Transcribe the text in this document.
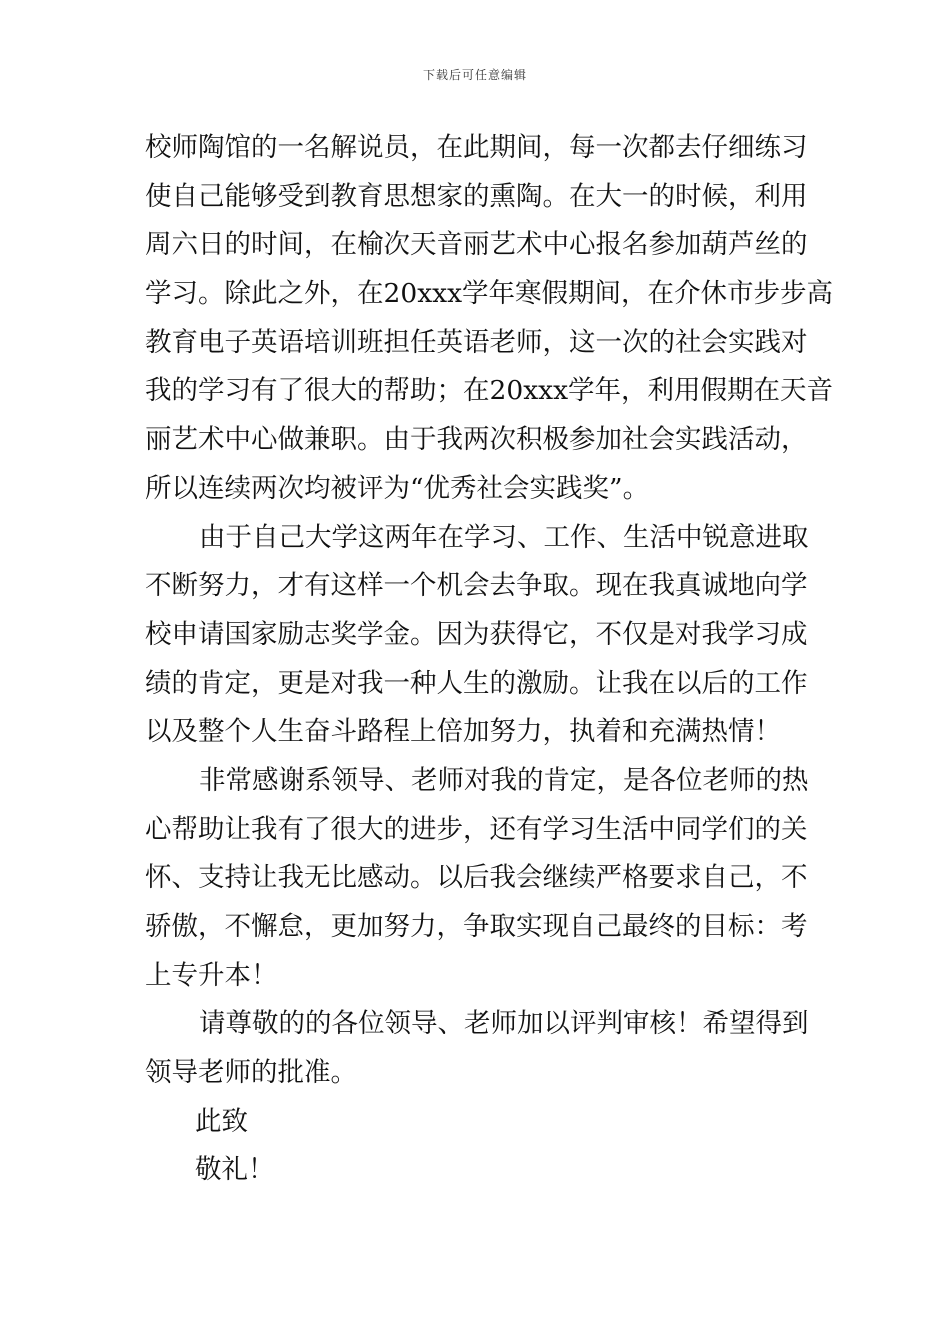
下载后可任意编辑
校师陶馆的一名解说员，在此期间，每一次都去仔细练习
使自己能够受到教育思想家的熏陶。在大一的时候，利用
周六日的时间，在榆次天音丽艺术中心报名参加葫芦丝的
学习。除此之外，在20xxx学年寒假期间，在介休市步步高
教育电子英语培训班担任英语老师，这一次的社会实践对
我的学习有了很大的帮助；在20xxx学年，利用假期在天音
丽艺术中心做兼职。由于我两次积极参加社会实践活动，
所以连续两次均被评为“优秀社会实践奖”。
由于自己大学这两年在学习、工作、生活中锐意进取
不断努力，才有这样一个机会去争取。现在我真诚地向学
校申请国家励志奖学金。因为获得它，不仅是对我学习成
绩的肯定，更是对我一种人生的激励。让我在以后的工作
以及整个人生奋斗路程上倍加努力，执着和充满热情！
非常感谢系领导、老师对我的肯定，是各位老师的热
心帮助让我有了很大的进步，还有学习生活中同学们的关
怀、支持让我无比感动。以后我会继续严格要求自己，不
骄傲，不懈怠，更加努力，争取实现自己最终的目标：考
上专升本！
请尊敬的的各位领导、老师加以评判审核！希望得到
领导老师的批准。
此致
敬礼！
